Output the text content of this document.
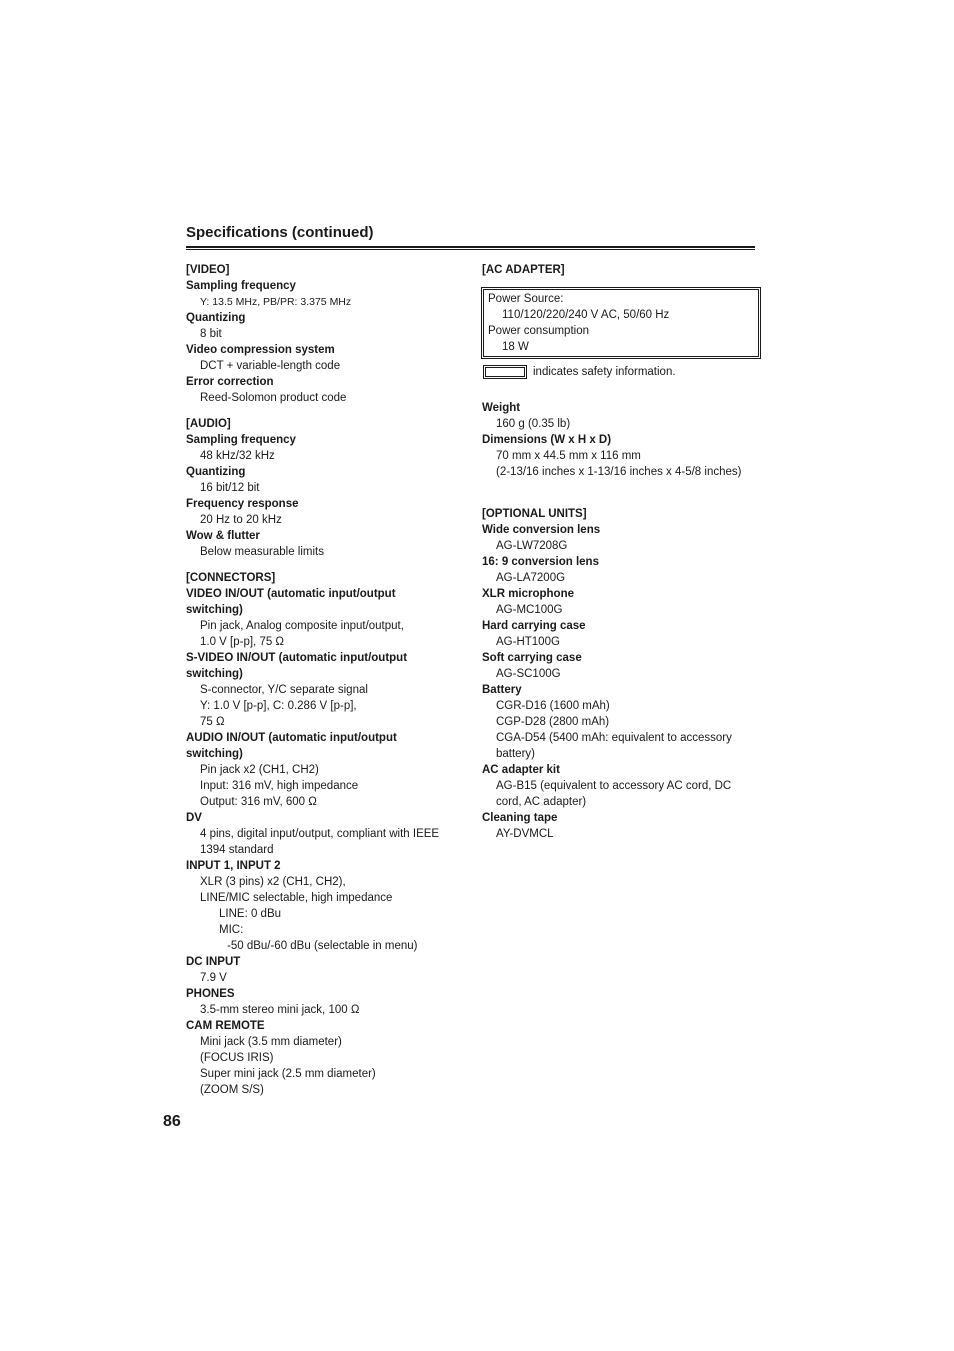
Specifications (continued)
[VIDEO]
Sampling frequency
Y: 13.5 MHz, PB/PR: 3.375 MHz
Quantizing
8 bit
Video compression system
DCT + variable-length code
Error correction
Reed-Solomon product code
[AUDIO]
Sampling frequency
48 kHz/32 kHz
Quantizing
16 bit/12 bit
Frequency response
20 Hz to 20 kHz
Wow & flutter
Below measurable limits
[CONNECTORS]
VIDEO IN/OUT (automatic input/output
switching)
Pin jack, Analog composite input/output,
1.0 V [p-p], 75 Ω
S-VIDEO IN/OUT (automatic input/output
switching)
S-connector, Y/C separate signal
Y: 1.0 V [p-p], C: 0.286 V [p-p],
75 Ω
AUDIO IN/OUT (automatic input/output
switching)
Pin jack x2 (CH1, CH2)
Input: 316 mV, high impedance
Output: 316 mV, 600 Ω
DV
4 pins, digital input/output, compliant with IEEE
1394 standard
INPUT 1, INPUT 2
XLR (3 pins) x2 (CH1, CH2),
LINE/MIC selectable, high impedance
LINE: 0 dBu
MIC:
-50 dBu/-60 dBu (selectable in menu)
DC INPUT
7.9 V
PHONES
3.5-mm stereo mini jack, 100 Ω
CAM REMOTE
Mini jack (3.5 mm diameter)
(FOCUS IRIS)
Super mini jack (2.5 mm diameter)
(ZOOM S/S)
[AC ADAPTER]
Power Source:
110/120/220/240 V AC, 50/60 Hz
Power consumption
18 W
indicates safety information.
Weight
160 g (0.35 lb)
Dimensions (W x H x D)
70 mm x 44.5 mm x 116 mm
(2-13/16 inches x 1-13/16 inches x 4-5/8 inches)
[OPTIONAL UNITS]
Wide conversion lens
AG-LW7208G
16: 9 conversion lens
AG-LA7200G
XLR microphone
AG-MC100G
Hard carrying case
AG-HT100G
Soft carrying case
AG-SC100G
Battery
CGR-D16 (1600 mAh)
CGP-D28 (2800 mAh)
CGA-D54 (5400 mAh: equivalent to accessory
battery)
AC adapter kit
AG-B15 (equivalent to accessory AC cord, DC
cord, AC adapter)
Cleaning tape
AY-DVMCL
86
